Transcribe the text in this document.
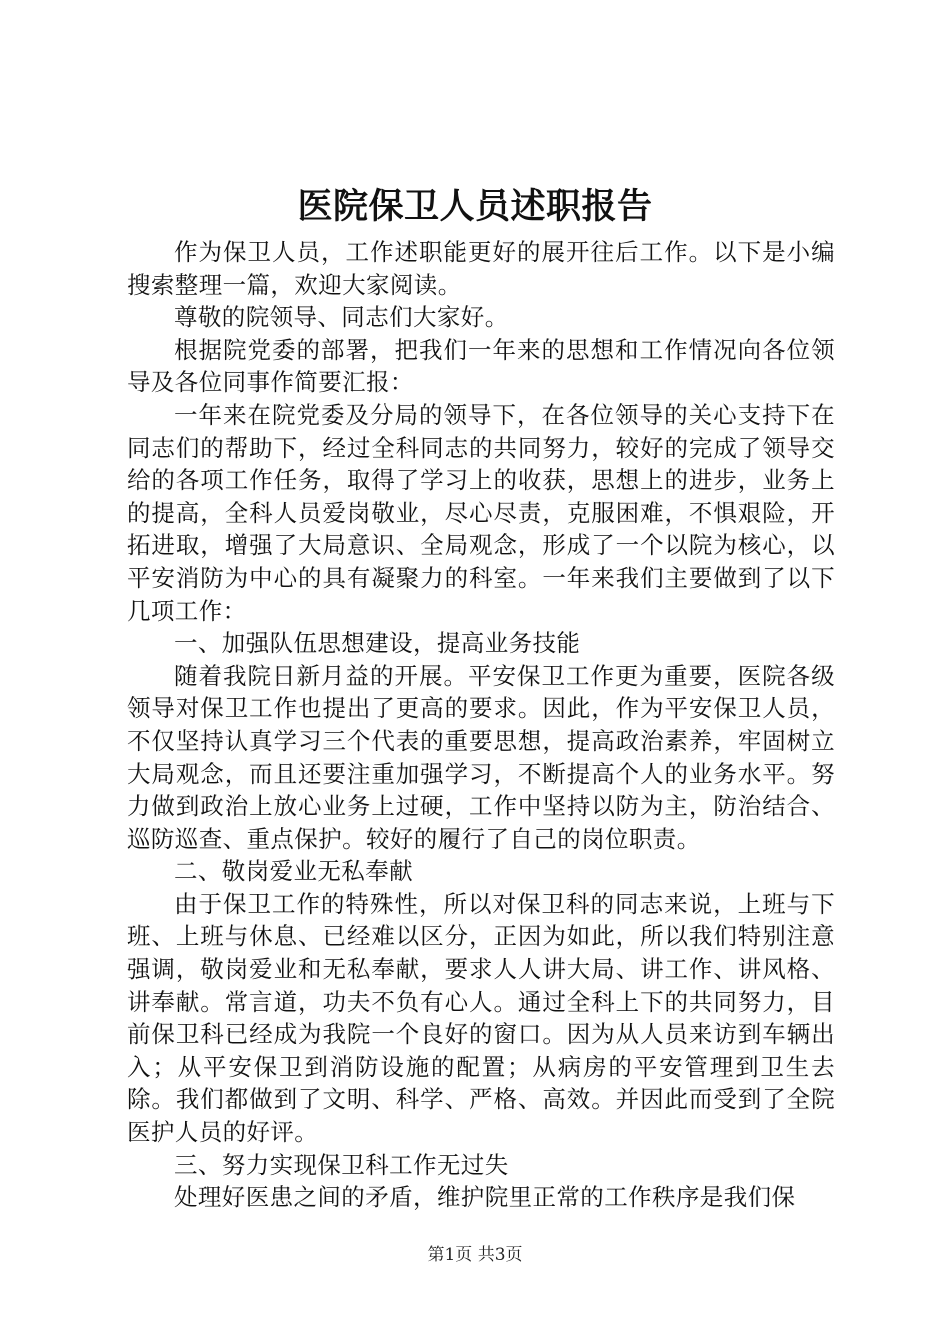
医院保卫人员述职报告

作为保卫人员，工作述职能更好的展开往后工作。以下是小编搜索整理一篇，欢迎大家阅读。

尊敬的院领导、同志们大家好。

根据院党委的部署，把我们一年来的思想和工作情况向各位领导及各位同事作简要汇报：

一年来在院党委及分局的领导下，在各位领导的关心支持下在同志们的帮助下，经过全科同志的共同努力，较好的完成了领导交给的各项工作任务，取得了学习上的收获，思想上的进步，业务上的提高，全科人员爱岗敬业，尽心尽责，克服困难，不惧艰险，开拓进取，增强了大局意识、全局观念，形成了一个以院为核心，以平安消防为中心的具有凝聚力的科室。一年来我们主要做到了以下几项工作：

一、加强队伍思想建设，提高业务技能

随着我院日新月益的开展。平安保卫工作更为重要，医院各级领导对保卫工作也提出了更高的要求。因此，作为平安保卫人员，不仅坚持认真学习三个代表的重要思想，提高政治素养，牢固树立大局观念，而且还要注重加强学习，不断提高个人的业务水平。努力做到政治上放心业务上过硬，工作中坚持以防为主，防治结合、巡防巡查、重点保护。较好的履行了自己的岗位职责。

二、敬岗爱业无私奉献

由于保卫工作的特殊性，所以对保卫科的同志来说，上班与下班、上班与休息、已经难以区分，正因为如此，所以我们特别注意强调，敬岗爱业和无私奉献，要求人人讲大局、讲工作、讲风格、讲奉献。常言道，功夫不负有心人。通过全科上下的共同努力，目前保卫科已经成为我院一个良好的窗口。因为从人员来访到车辆出入；从平安保卫到消防设施的配置；从病房的平安管理到卫生去除。我们都做到了文明、科学、严格、高效。并因此而受到了全院医护人员的好评。

三、努力实现保卫科工作无过失

处理好医患之间的矛盾，维护院里正常的工作秩序是我们保

第1页 共3页
